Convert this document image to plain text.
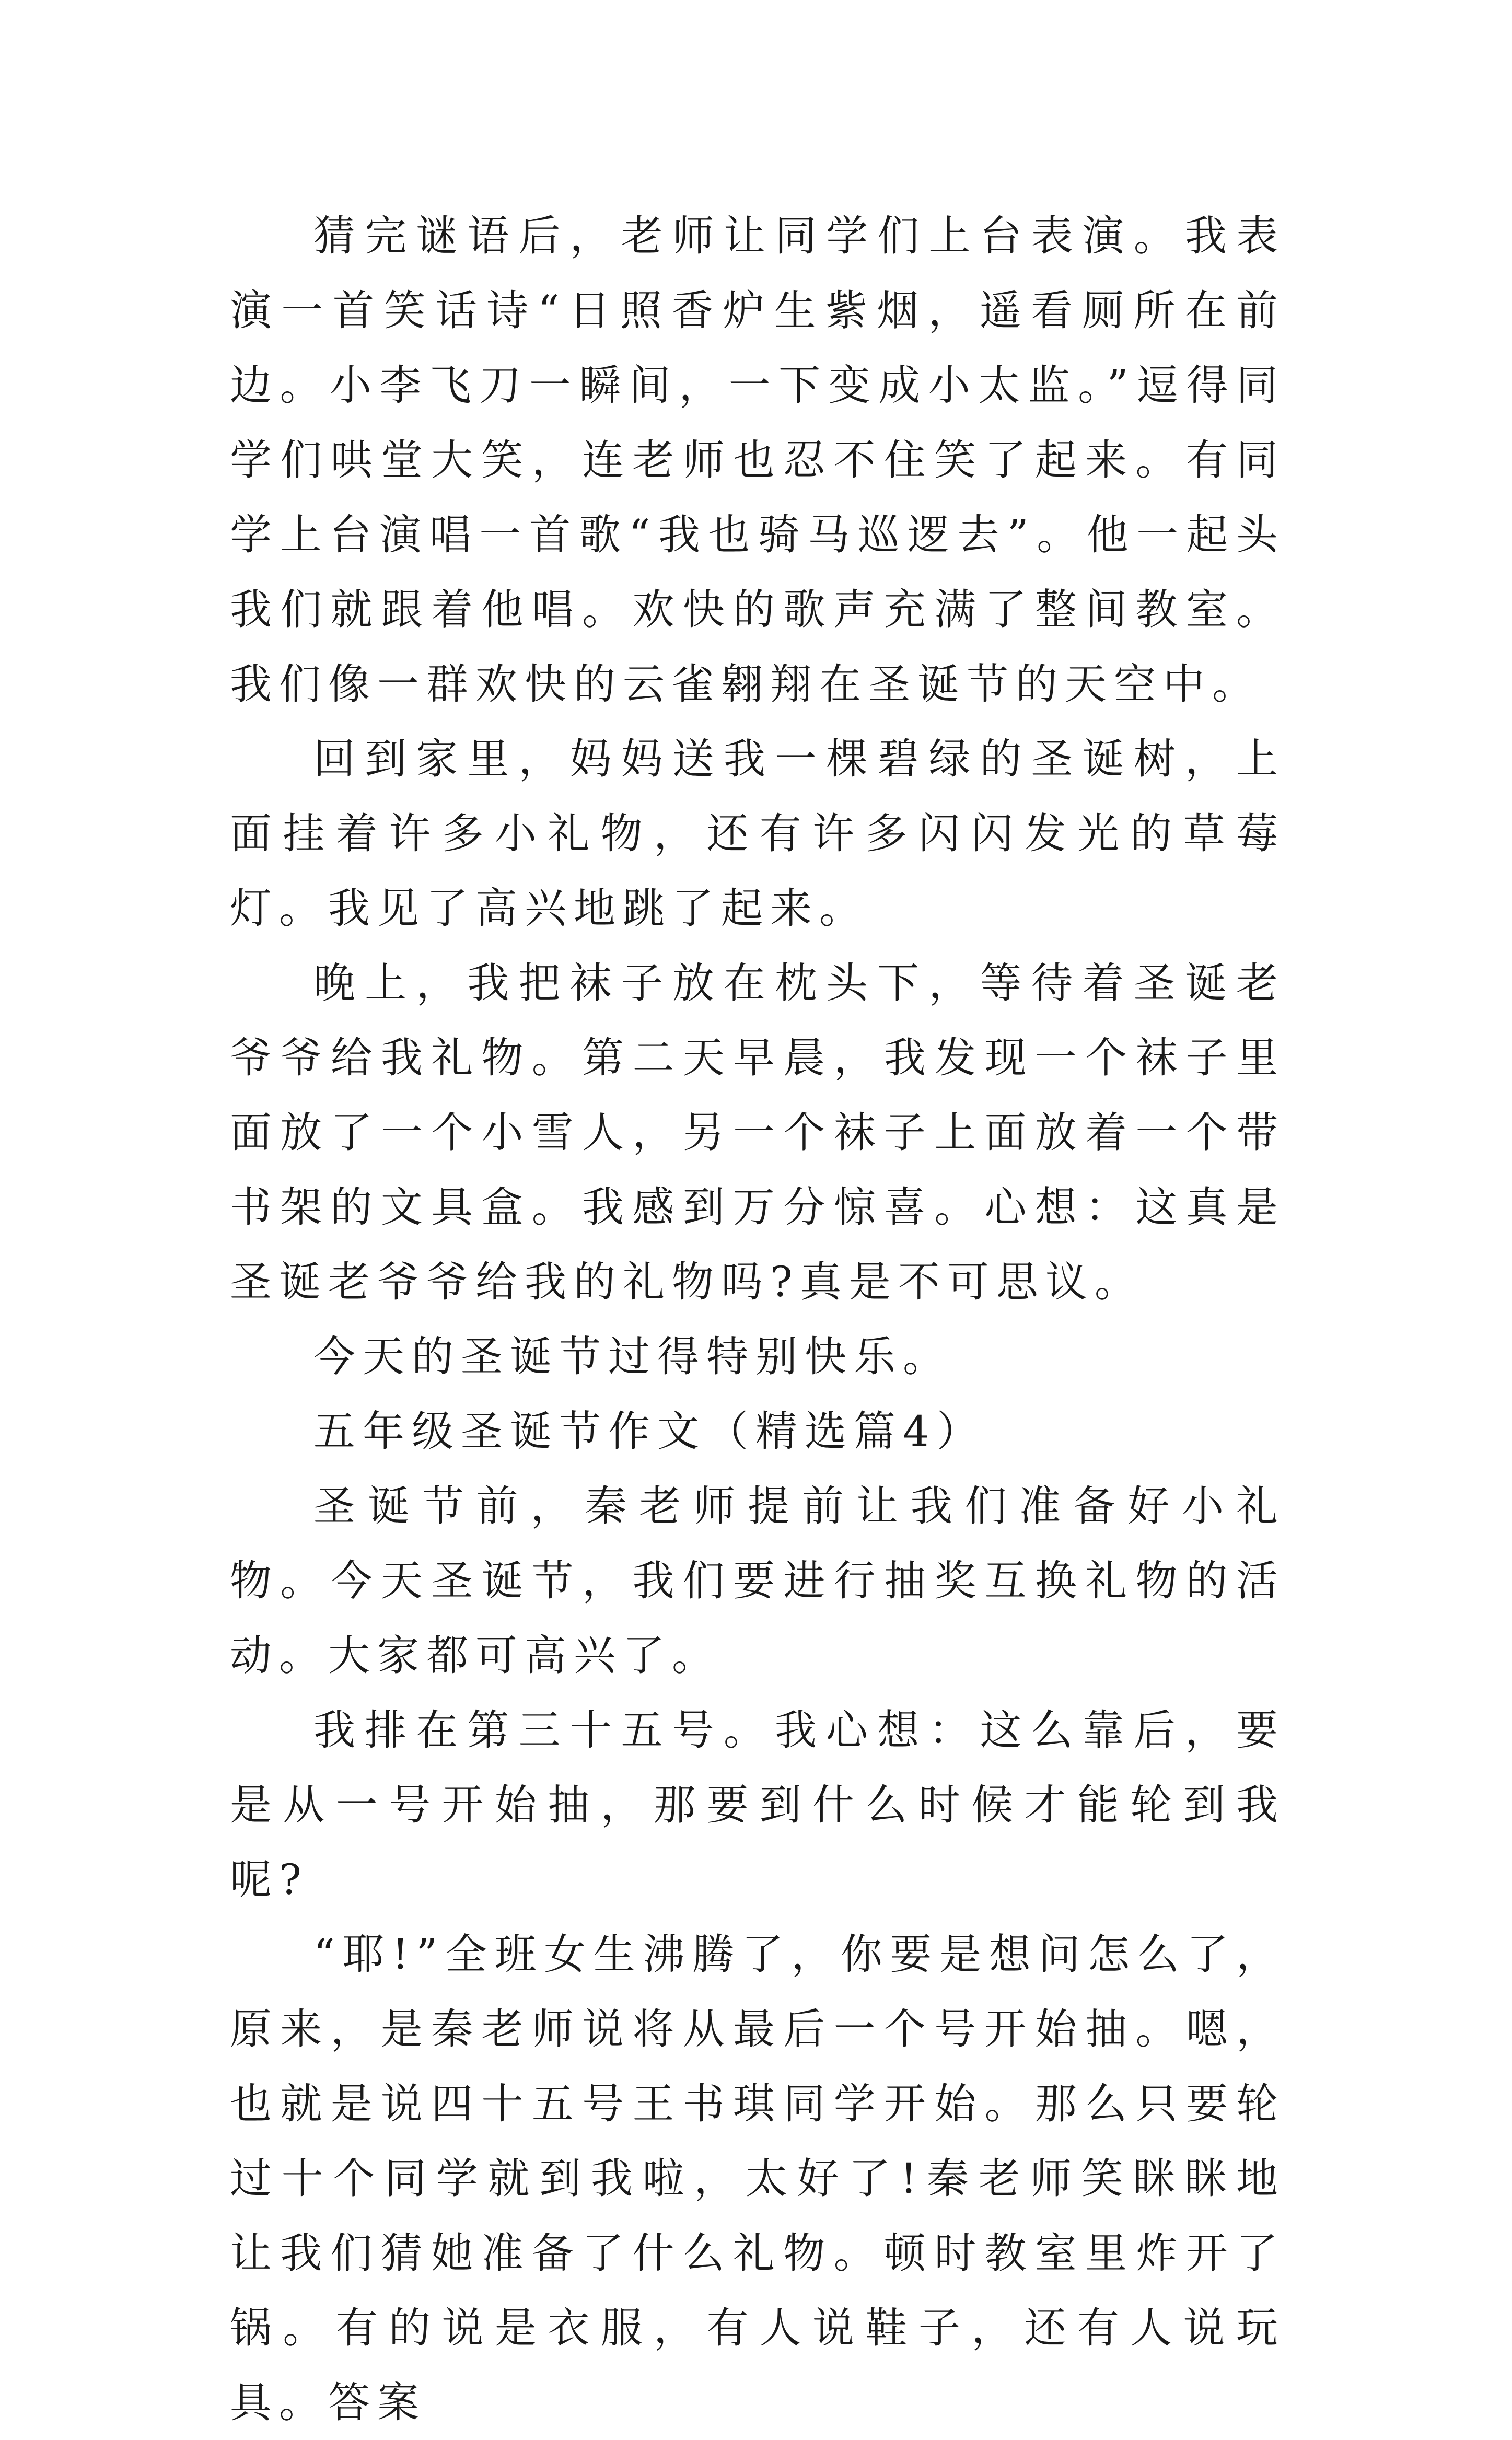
猜完谜语后，老师让同学们上台表演。我表演一首笑话诗“日照香炉生紫烟，遥看厕所在前边。小李飞刀一瞬间，一下变成小太监。”逗得同学们哄堂大笑，连老师也忍不住笑了起来。有同学上台演唱一首歌“我也骑马巡逻去”。他一起头我们就跟着他唱。欢快的歌声充满了整间教室。我们像一群欢快的云雀翱翔在圣诞节的天空中。

回到家里，妈妈送我一棵碧绿的圣诞树，上面挂着许多小礼物，还有许多闪闪发光的草莓灯。我见了高兴地跳了起来。

晚上，我把袜子放在枕头下，等待着圣诞老爷爷给我礼物。第二天早晨，我发现一个袜子里面放了一个小雪人，另一个袜子上面放着一个带书架的文具盒。我感到万分惊喜。心想：这真是圣诞老爷爷给我的礼物吗?真是不可思议。

今天的圣诞节过得特别快乐。

五年级圣诞节作文（精选篇4）

圣诞节前，秦老师提前让我们准备好小礼物。今天圣诞节，我们要进行抽奖互换礼物的活动。大家都可高兴了。

我排在第三十五号。我心想：这么靠后，要是从一号开始抽，那要到什么时候才能轮到我呢?

“耶!”全班女生沸腾了，你要是想问怎么了，原来，是秦老师说将从最后一个号开始抽。嗯，也就是说四十五号王书琪同学开始。那么只要轮过十个同学就到我啦，太好了!秦老师笑眯眯地让我们猜她准备了什么礼物。顿时教室里炸开了锅。有的说是衣服，有人说鞋子，还有人说玩具。答案
